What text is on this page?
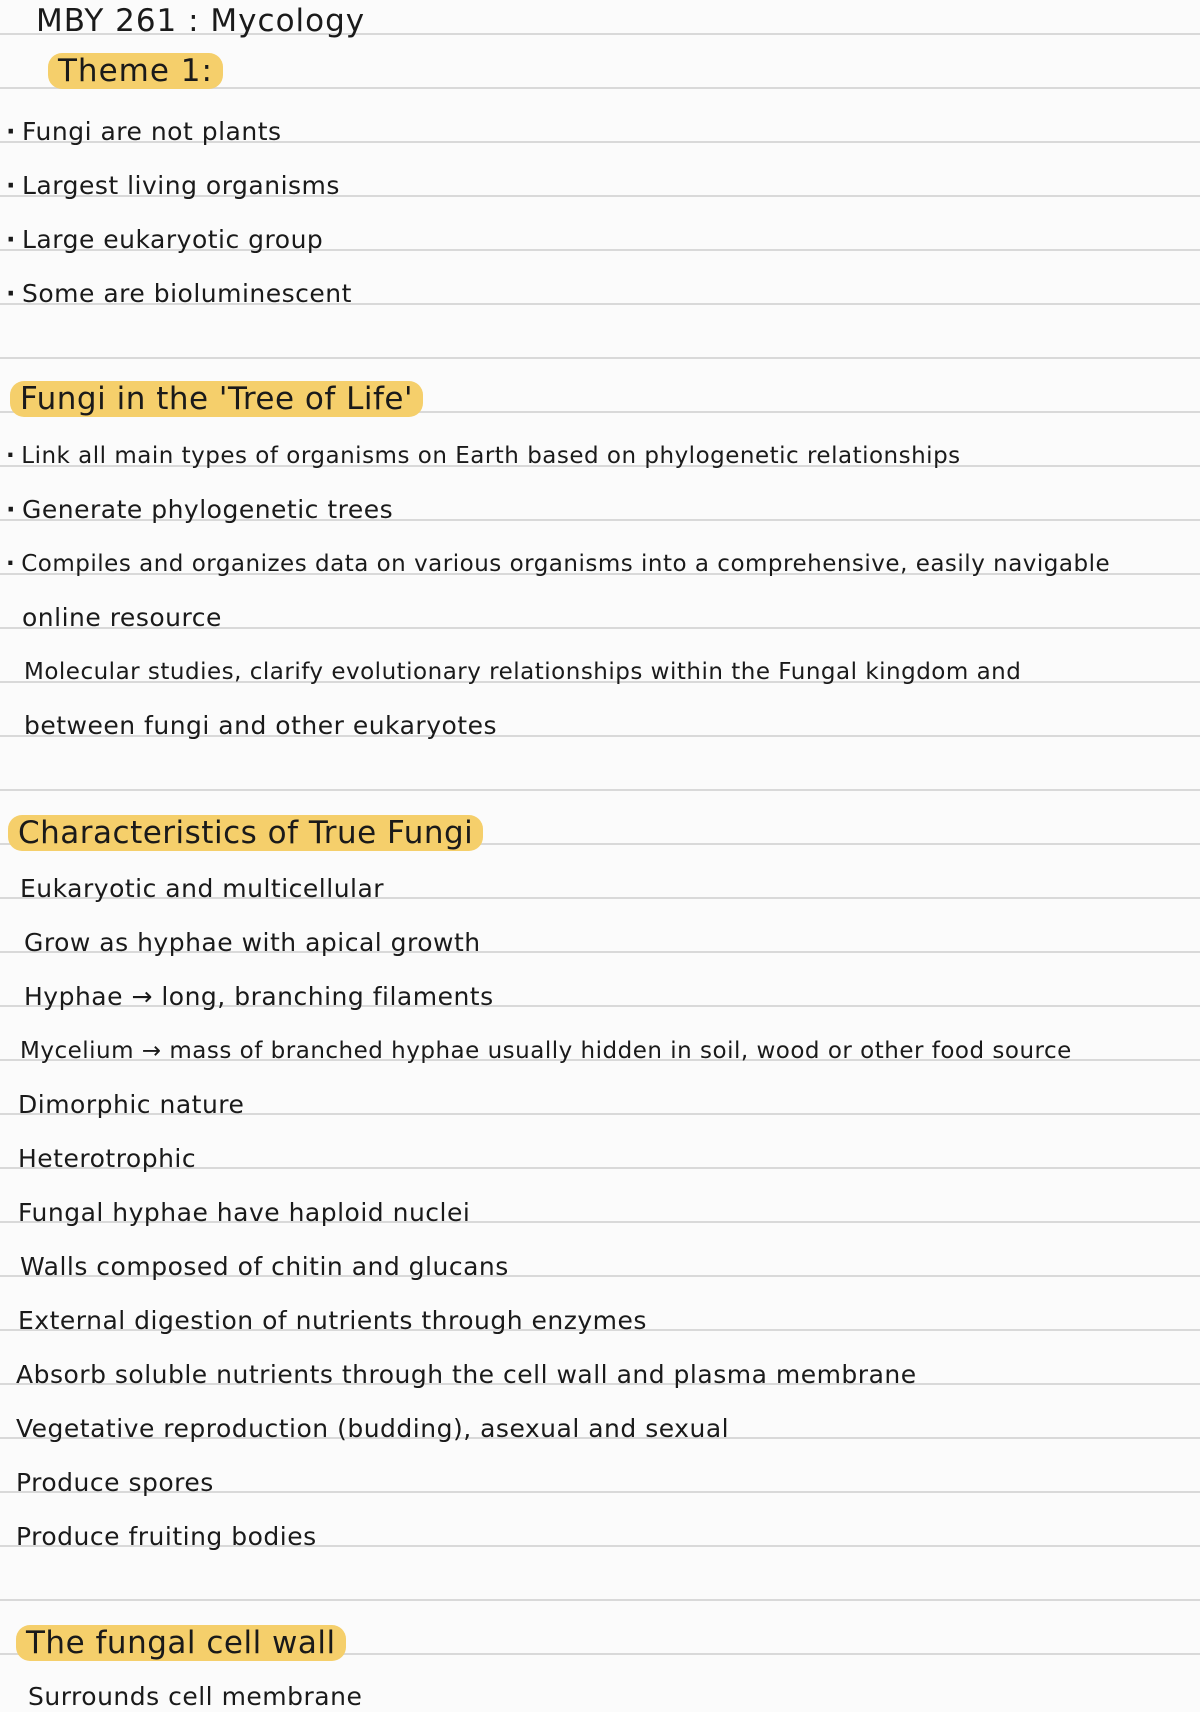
MBY 261 : Mycology
Theme 1:
· Fungi are not plants
· Largest living organisms
· Large eukaryotic group
· Some are bioluminescent
Fungi in the 'Tree of Life'
· Link all main types of organisms on Earth based on phylogenetic relationships
· Generate phylogenetic trees
· Compiles and organizes data on various organisms into a comprehensive, easily navigable
online resource
Molecular studies, clarify evolutionary relationships within the Fungal kingdom and
between fungi and other eukaryotes
Characteristics of True Fungi
Eukaryotic and multicellular
Grow as hyphae with apical growth
Hyphae → long, branching filaments
Mycelium → mass of branched hyphae usually hidden in soil, wood or other food source
Dimorphic nature
Heterotrophic
Fungal hyphae have haploid nuclei
Walls composed of chitin and glucans
External digestion of nutrients through enzymes
Absorb soluble nutrients through the cell wall and plasma membrane
Vegetative reproduction (budding), asexual and sexual
Produce spores
Produce fruiting bodies
The fungal cell wall
Surrounds cell membrane
